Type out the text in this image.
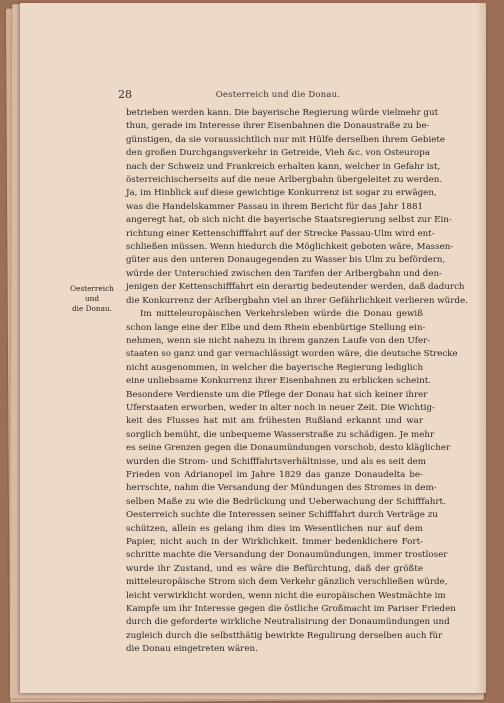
28	Oesterreich und die Donau.
Oesterreich
und
die Donau.
betrieben werden kann. Die bayerische Regierung würde vielmehr gut
thun, gerade im Interesse ihrer Eisenbahnen die Donaustraße zu be-
günstigen, da sie voraussichtlich nur mit Hülfe derselben ihrem Gebiete
den großen Durchgangsverkehr in Getreide, Vieh &c. von Osteuropa
nach der Schweiz und Frankreich erhalten kann, welcher in Gefahr ist,
österreichischerseits auf die neue Arlbergbahn übergeleitet zu werden.
Ja, im Hinblick auf diese gewichtige Konkurrenz ist sogar zu erwägen,
was die Handelskammer Passau in ihrem Bericht für das Jahr 1881
angeregt hat, ob sich nicht die bayerische Staatsregierung selbst zur Ein-
richtung einer Kettenschifffahrt auf der Strecke Passau-Ulm wird ent-
schließen müssen. Wenn hiedurch die Möglichkeit geboten wäre, Massen-
güter aus den unteren Donaugegenden zu Wasser bis Ulm zu befördern,
würde der Unterschied zwischen den Tarifen der Arlbergbahn und den-
jenigen der Kettenschifffahrt ein derartig bedeutender werden, daß dadurch
die Konkurrenz der Arlbergbahn viel an ihrer Gefährlichkeit verlieren würde.
Im mitteleuropäischen Verkehrsleben würde die Donau gewiß
schon lange eine der Elbe und dem Rhein ebenbürtige Stellung ein-
nehmen, wenn sie nicht nahezu in ihrem ganzen Laufe von den Ufer-
staaten so ganz und gar vernachlässigt worden wäre, die deutsche Strecke
nicht ausgenommen, in welcher die bayerische Regierung lediglich
eine unliebsame Konkurrenz ihrer Eisenbahnen zu erblicken scheint.
Besondere Verdienste um die Pflege der Donau hat sich keiner ihrer
Uferstaaten erworben, weder in alter noch in neuer Zeit. Die Wichtig-
keit des Flusses hat mit am frühesten Rußland erkannt und war
sorglich bemüht, die unbequeme Wasserstraße zu schädigen. Je mehr
es seine Grenzen gegen die Donaumündungen vorschob, desto kläglicher
wurden die Strom- und Schifffahrtsverhältnisse, und als es seit dem
Frieden von Adrianopel im Jahre 1829 das ganze Donaudelta be-
herrschte, nahm die Versandung der Mündungen des Stromes in dem-
selben Maße zu wie die Bedrückung und Ueberwachung der Schifffahrt.
Oesterreich suchte die Interessen seiner Schifffahrt durch Verträge zu
schützen, allein es gelang ihm dies im Wesentlichen nur auf dem
Papier, nicht auch in der Wirklichkeit. Immer bedenklichere Fort-
schritte machte die Versandung der Donaumündungen, immer trostloser
wurde ihr Zustand, und es wäre die Befürchtung, daß der größte
mitteleuropäische Strom sich dem Verkehr gänzlich verschließen würde,
leicht verwirklicht worden, wenn nicht die europäischen Westmächte im
Kampfe um ihr Interesse gegen die östliche Großmacht im Pariser Frieden
durch die geforderte wirkliche Neutralisirung der Donaumündungen und
zugleich durch die selbstthätig bewirkte Regulirung derselben auch für
die Donau eingetreten wären.
